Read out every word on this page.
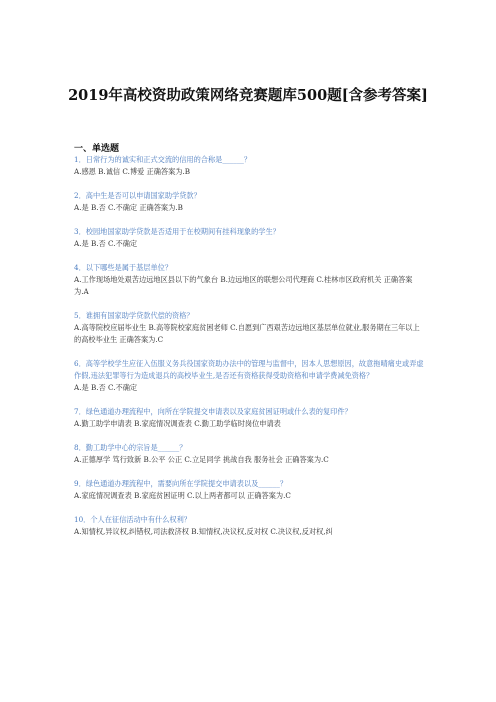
2019年高校资助政策网络竞赛题库500题[含参考答案]
一、单选题
1．日常行为的诚实和正式交流的信用的合称是______？
A.感恩 B.诚信 C.博爱 正确答案为.B
2．高中生是否可以申请国家助学贷款？
A.是 B.否 C.不确定 正确答案为.B
3．校园地国家助学贷款是否适用于在校期间有挂科现象的学生？
A.是 B.否 C.不确定
4．以下哪些是属于基层单位？
A.工作现场地处艰苦边远地区县以下的气象台 B.边远地区的联想公司代理商 C.桂林市区政府机关 正确答案为.A
5．谁拥有国家助学贷款代偿的资格？
A.高等院校应届毕业生 B.高等院校家庭贫困老师 C.自愿到广西艰苦边远地区基层单位就业,服务期在三年以上的高校毕业生 正确答案为.C
6．高等学校学生应征入伍服义务兵役国家资助办法中的管理与监督中，因本人思想原因，故意拖晴痛史或弄虚作假,违法犯罪等行为造成退兵的高校毕业生,是否还有资格获得受助资格和申请学费减免资格？
A.是 B.否 C.不确定
7．绿色通道办理流程中，向所在学院提交申请表以及家庭贫困证明或什么表的复印件？
A.勤工助学申请表 B.家庭情况调查表 C.勤工助学临时岗位申请表
8．勤工助学中心的宗旨是______？
A.正德厚学 笃行致新 B.公平 公正 C.立足同学 挑战自我 服务社会 正确答案为.C
9．绿色通道办理流程中，需要向所在学院提交申请表以及______？
A.家庭情况调查表 B.家庭贫困证明 C.以上两者都可以 正确答案为.C
10．个人在征信活动中有什么权利？
A.知情权,异议权,纠错权,司法救济权 B.知情权,决议权,反对权 C.决议权,反对权,纠
